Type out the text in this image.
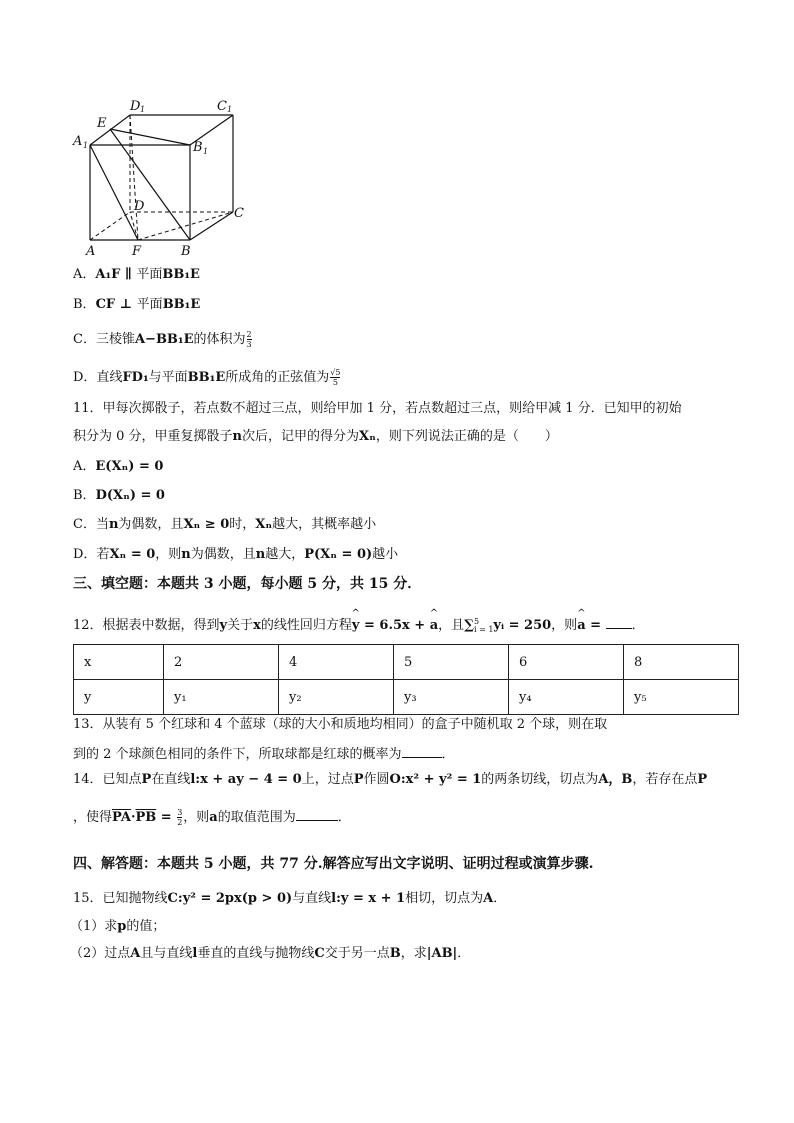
D 1	C 1
E
A 1	B 1
D	C
A	F	B
A．A₁F ∥ 平面BB₁E
B．CF ⊥ 平面BB₁E
C．三棱锥A−BB₁E的体积为 $\frac{2}{3}$
D．直线FD₁与平面BB₁E所成角的正弦值为 $\frac{√5}{5}$
11．甲每次掷骰子，若点数不超过三点，则给甲加 1 分，若点数超过三点，则给甲减 1 分．已知甲的初始
积分为 0 分，甲重复掷骰子n次后，记甲的得分为Xₙ，则下列说法正确的是（　　）
A．E(Xₙ) = 0
B．D(Xₙ) = 0
C．当n为偶数，且Xₙ ≥ 0时，Xₙ越大，其概率越小
D．若Xₙ = 0，则n为偶数，且n越大，P(Xₙ = 0)越小
三、填空题：本题共 3 小题，每小题 5 分，共 15 分．
12．根据表中数据，得到y关于x的线性回归方程^ y = 6.5x + ^ a，且∑ 5
i = 1 yᵢ = 250，则^ a = ．
x	2	4	5	6	8
y	y₁	y₂	y₃	y₄	y₅
13．从装有 5 个红球和 4 个蓝球（球的大小和质地均相同）的盒子中随机取 2 个球，则在取
到的 2 个球颜色相同的条件下，所取球都是红球的概率为	．
14．已知点P在直线l:x + ay − 4 = 0上，过点P作圆O:x² + y² = 1的两条切线，切点为A，B，若存在点P
，使得$\overline{PA}\cdot\overline{PB} = \frac{3}{2}$ ，则a的取值范围为	．
四、解答题：本题共 5 小题，共 77 分.解答应写出文字说明、证明过程或演算步骤.
15．已知抛物线C:y² = 2px(p > 0)与直线l:y = x + 1相切，切点为A．
（1）求p的值；
（2）过点A且与直线l垂直的直线与抛物线C交于另一点B，求|AB|．
